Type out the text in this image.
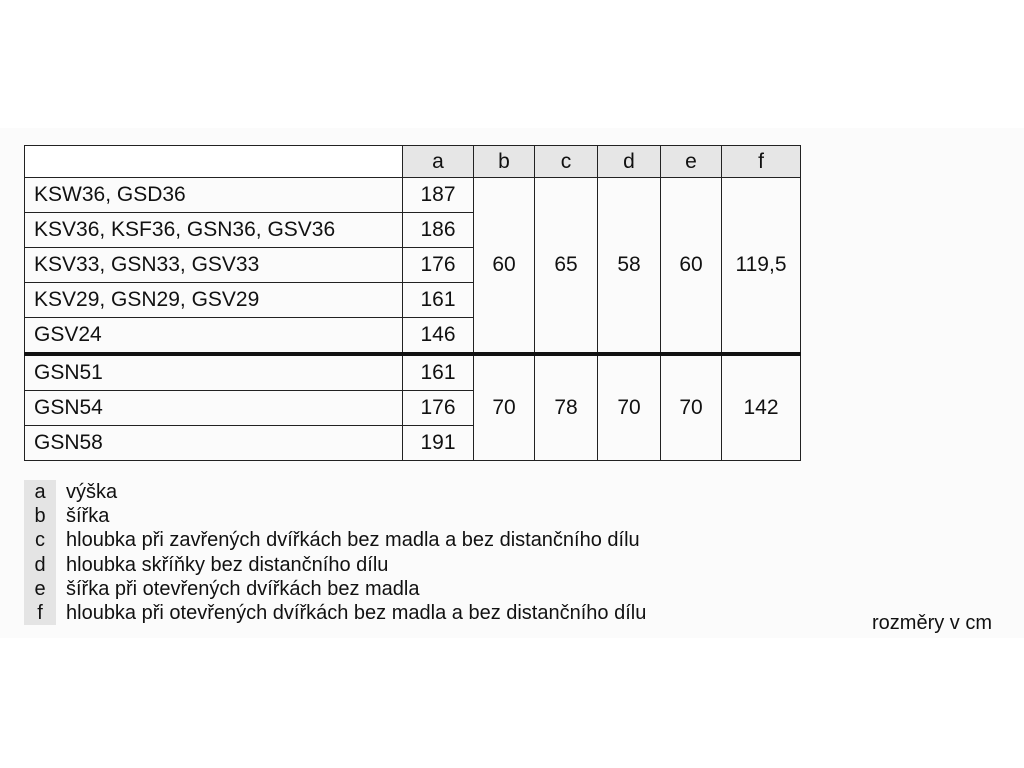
	a	b	c	d	e	f
KSW36, GSD36	187	60	65	58	60	119,5
KSV36, KSF36, GSN36, GSV36	186					
KSV33, GSN33, GSV33	176					
KSV29, GSN29, GSV29	161					
GSV24	146					
GSN51	161	70	78	70	70	142
GSN54	176					
GSN58	191					
a	výška
b	šířka
c	hloubka při zavřených dvířkách bez madla a bez distančního dílu
d	hloubka skříňky bez distančního dílu
e	šířka při otevřených dvířkách bez madla
f	hloubka při otevřených dvířkách bez madla a bez distančního dílu	rozměry v cm
